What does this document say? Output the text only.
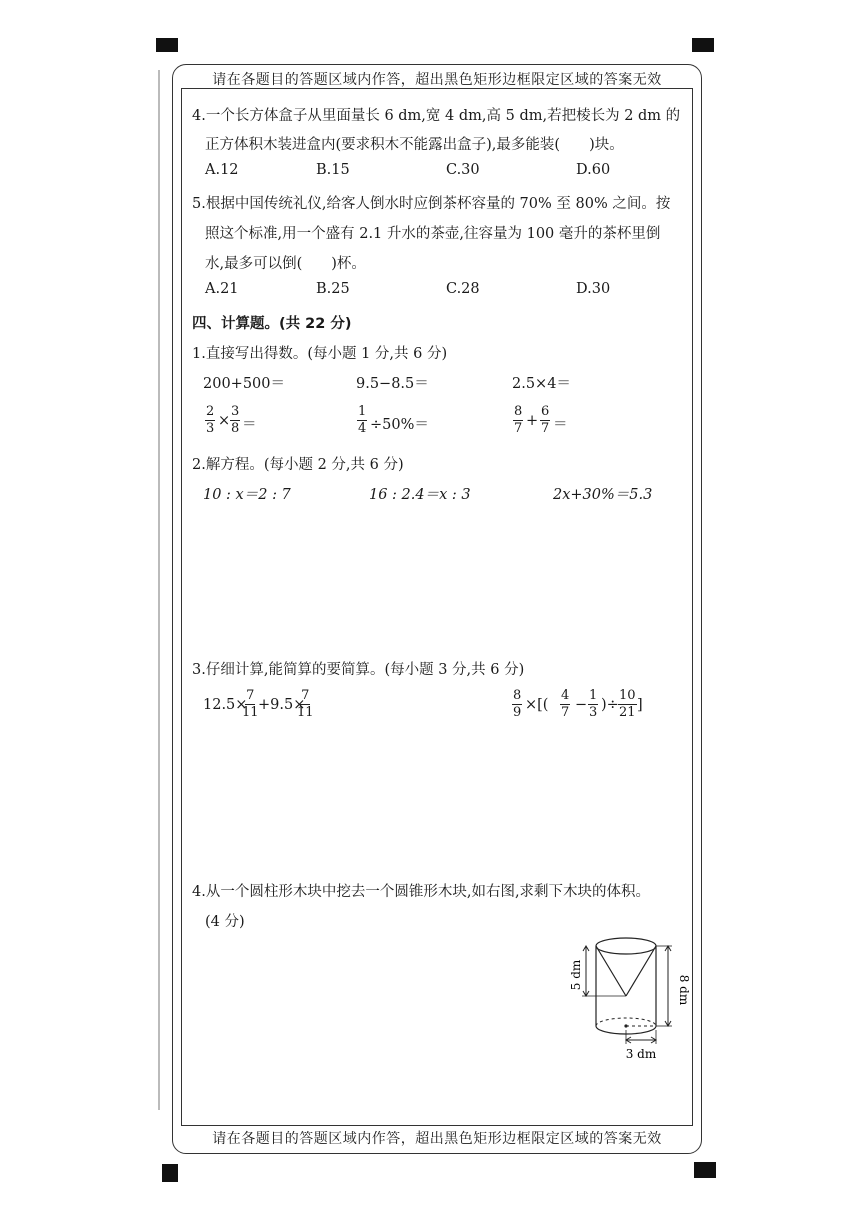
请在各题目的答题区域内作答，超出黑色矩形边框限定区域的答案无效
请在各题目的答题区域内作答，超出黑色矩形边框限定区域的答案无效
4.一个长方体盒子从里面量长 6 dm,宽 4 dm,高 5 dm,若把棱长为 2 dm 的
正方体积木装进盒内(要求积木不能露出盒子),最多能装(　　)块。
A.12	B.15	C.30	D.60
5.根据中国传统礼仪,给客人倒水时应倒茶杯容量的 70% 至 80% 之间。按
照这个标准,用一个盛有 2.1 升水的茶壶,往容量为 100 毫升的茶杯里倒
水,最多可以倒(　　)杯。
A.21	B.25	C.28	D.30
四、计算题。(共 22 分)
1.直接写出得数。(每小题 1 分,共 6 分)
200+500＝	9.5−8.5＝	2.5×4＝
$\frac{2}{3} \times \frac{3}{8}$ ＝	$\frac{1}{4} \div 50\%=$	$\frac{8}{7} + \frac{6}{7}$ ＝
2.解方程。(每小题 2 分,共 6 分)
10 : x＝2 : 7	16 : 2.4＝x : 3	2x+30%＝5.3
3.仔细计算,能简算的要简算。(每小题 3 分,共 6 分)
12.5×
$\frac{7}{11} +9.5\times$
$\frac{7}{11}$	$\frac{8}{9}$ ×[( $\frac{4}{7} - \frac{1}{3}$ )÷ $\frac{10}{21}$ ]
4.从一个圆柱形木块中挖去一个圆锥形木块,如右图,求剩下木块的体积。
(4 分)
5 dm	8 dm
3 dm
